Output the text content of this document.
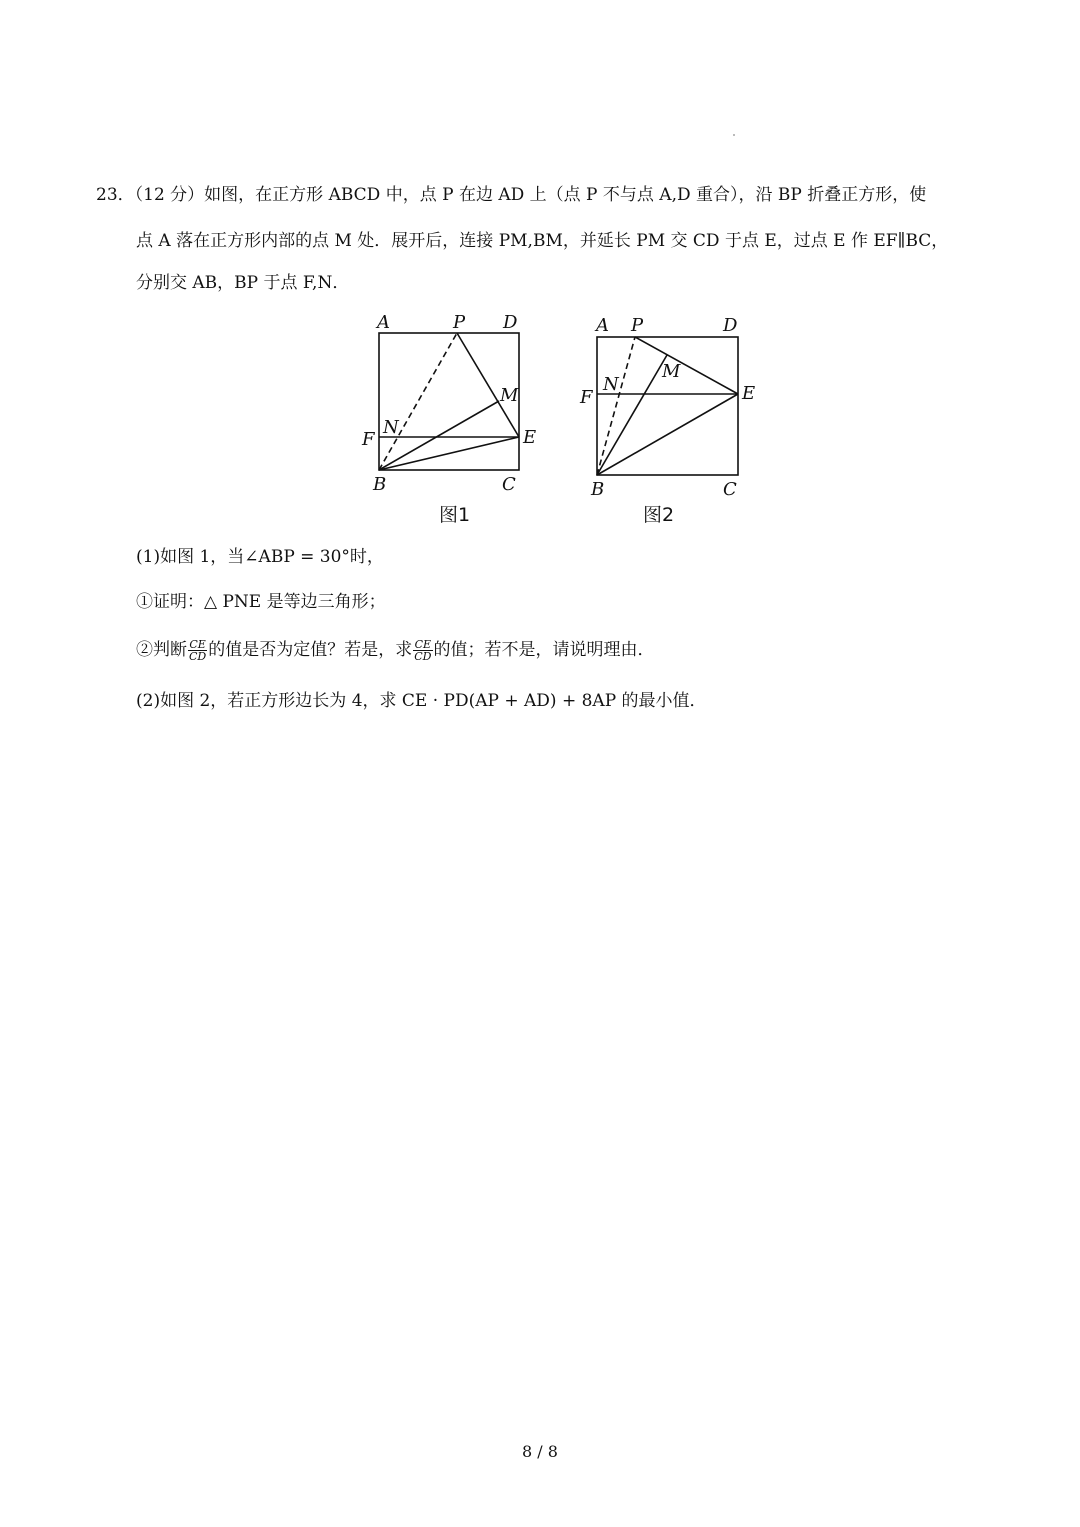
23．（12 分）如图，在正方形 ABCD 中，点 P 在边 AD 上（点 P 不与点 A,D 重合），沿 BP 折叠正方形，使
点 A 落在正方形内部的点 M 处．展开后，连接 PM,BM，并延长 PM 交 CD 于点 E，过点 E 作 EF∥BC，
分别交 AB，BP 于点 F,N．
A	P D
M
N
F	E
B	C
图1
A P	D
M
N
F	E
B	C
图2
(1)如图 1，当∠ABP = 30°时，
①证明：△ PNE 是等边三角形；
②判断 $\frac{CE}{CD}$ 的值是否为定值？若是，求 $\frac{CE}{CD}$ 的值；若不是，请说明理由．
(2)如图 2，若正方形边长为 4，求 CE · PD(AP + AD) + 8AP 的最小值．
8 / 8
